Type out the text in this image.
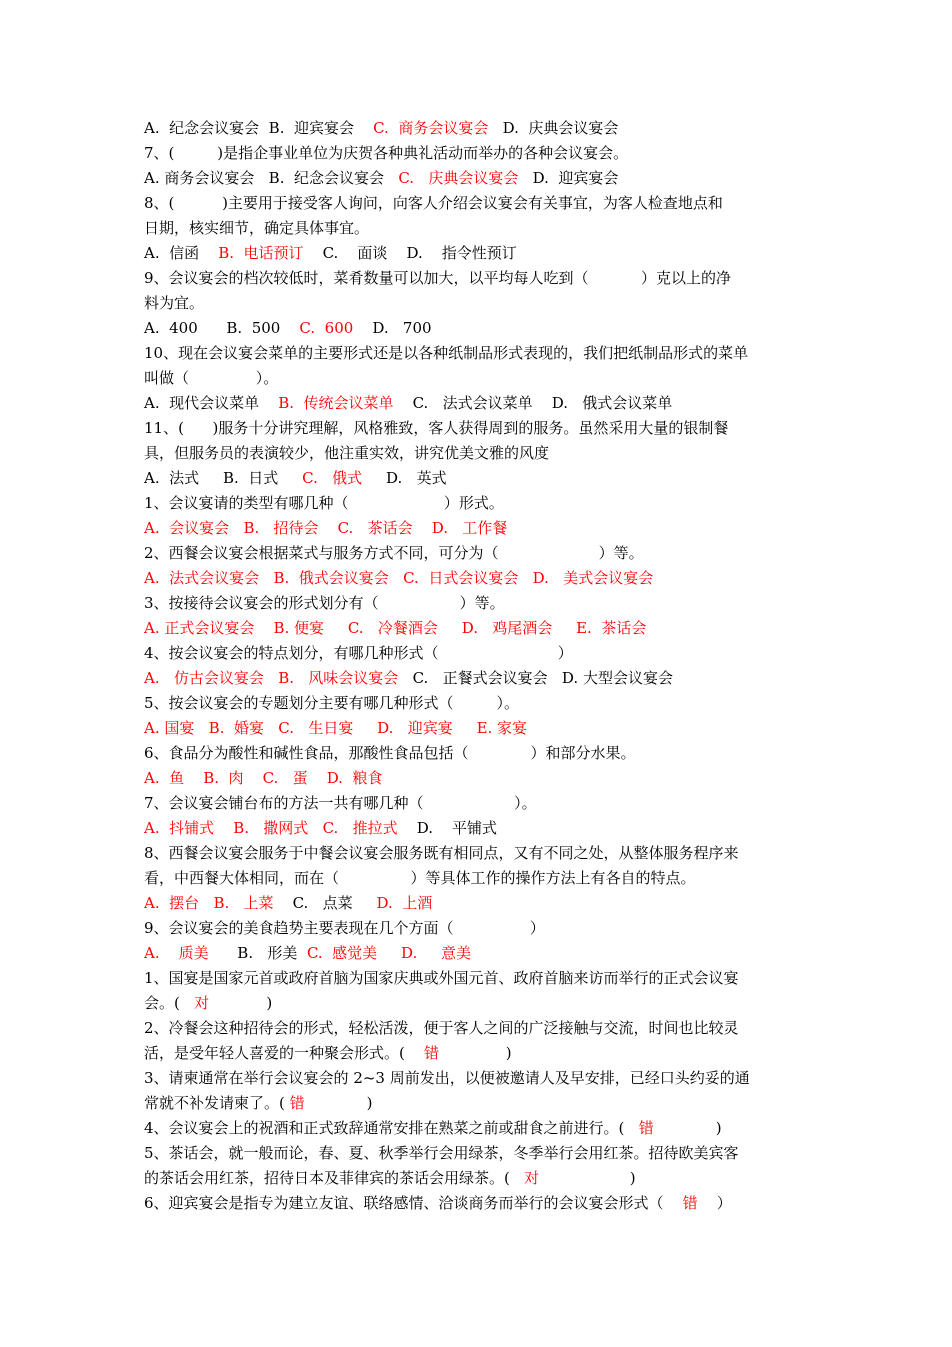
A.  纪念会议宴会  B.  迎宾宴会    C.  商务会议宴会   D.  庆典会议宴会
7、(         )是指企事业单位为庆贺各种典礼活动而举办的各种会议宴会。
A. 商务会议宴会   B.  纪念会议宴会   C.   庆典会议宴会   D.  迎宾宴会
8、(          )主要用于接受客人询问，向客人介绍会议宴会有关事宜，为客人检查地点和
日期，核实细节，确定具体事宜。
A.  信函    B.  电话预订    C.    面谈    D.    指令性预订
9、会议宴会的档次较低时，菜肴数量可以加大，以平均每人吃到（           ）克以上的净
料为宜。
A.  400      B.  500    C.  600    D.   700
10、现在会议宴会菜单的主要形式还是以各种纸制品形式表现的，我们把纸制品形式的菜单
叫做（              ）。
A.  现代会议菜单    B.  传统会议菜单    C.   法式会议菜单    D.   俄式会议菜单
11、(      )服务十分讲究理解，风格雅致，客人获得周到的服务。虽然采用大量的银制餐
具，但服务员的表演较少，他注重实效，讲究优美文雅的风度
A.  法式     B.  日式     C.   俄式     D.   英式
1、会议宴请的类型有哪几种（                    ）形式。
A.  会议宴会   B.   招待会    C.   茶话会    D.   工作餐
2、西餐会议宴会根据菜式与服务方式不同，可分为（                     ）等。
A.  法式会议宴会   B.  俄式会议宴会   C.  日式会议宴会   D.   美式会议宴会
3、按接待会议宴会的形式划分有（                 ）等。
A. 正式会议宴会    B. 便宴     C.   冷餐酒会     D.   鸡尾酒会     E.  茶话会
4、按会议宴会的特点划分，有哪几种形式（                         ）
A.   仿古会议宴会   B.   风味会议宴会   C.   正餐式会议宴会   D. 大型会议宴会
5、按会议宴会的专题划分主要有哪几种形式（         ）。
A. 国宴   B.  婚宴   C.   生日宴     D.   迎宾宴     E. 家宴
6、食品分为酸性和碱性食品，那酸性食品包括（             ）和部分水果。
A.  鱼    B.  肉    C.   蛋    D.  粮食
7、会议宴会铺台布的方法一共有哪几种（                   ）。
A.  抖铺式    B.   撒网式   C.   推拉式    D.    平铺式
8、西餐会议宴会服务于中餐会议宴会服务既有相同点，又有不同之处，从整体服务程序来
看，中西餐大体相同，而在（               ）等具体工作的操作方法上有各自的特点。
A.  摆台   B.   上菜    C.   点菜     D.  上酒
9、会议宴会的美食趋势主要表现在几个方面（                ）
A.    质美      B.   形美  C.  感觉美     D.     意美
1、国宴是国家元首或政府首脑为国家庆典或外国元首、政府首脑来访而举行的正式会议宴
会。(   对            )
2、冷餐会这种招待会的形式，轻松活泼，便于客人之间的广泛接触与交流，时间也比较灵
活，是受年轻人喜爱的一种聚会形式。(    错              )
3、请柬通常在举行会议宴会的 2~3 周前发出，以便被邀请人及早安排，已经口头约妥的通
常就不补发请柬了。( 错             )
4、会议宴会上的祝酒和正式致辞通常安排在熟菜之前或甜食之前进行。(   错             )
5、茶话会，就一般而论，春、夏、秋季举行会用绿茶，冬季举行会用红茶。招待欧美宾客
的茶话会用红茶，招待日本及菲律宾的茶话会用绿茶。(   对                   )
6、迎宾宴会是指专为建立友谊、联络感情、洽谈商务而举行的会议宴会形式（    错    ）
